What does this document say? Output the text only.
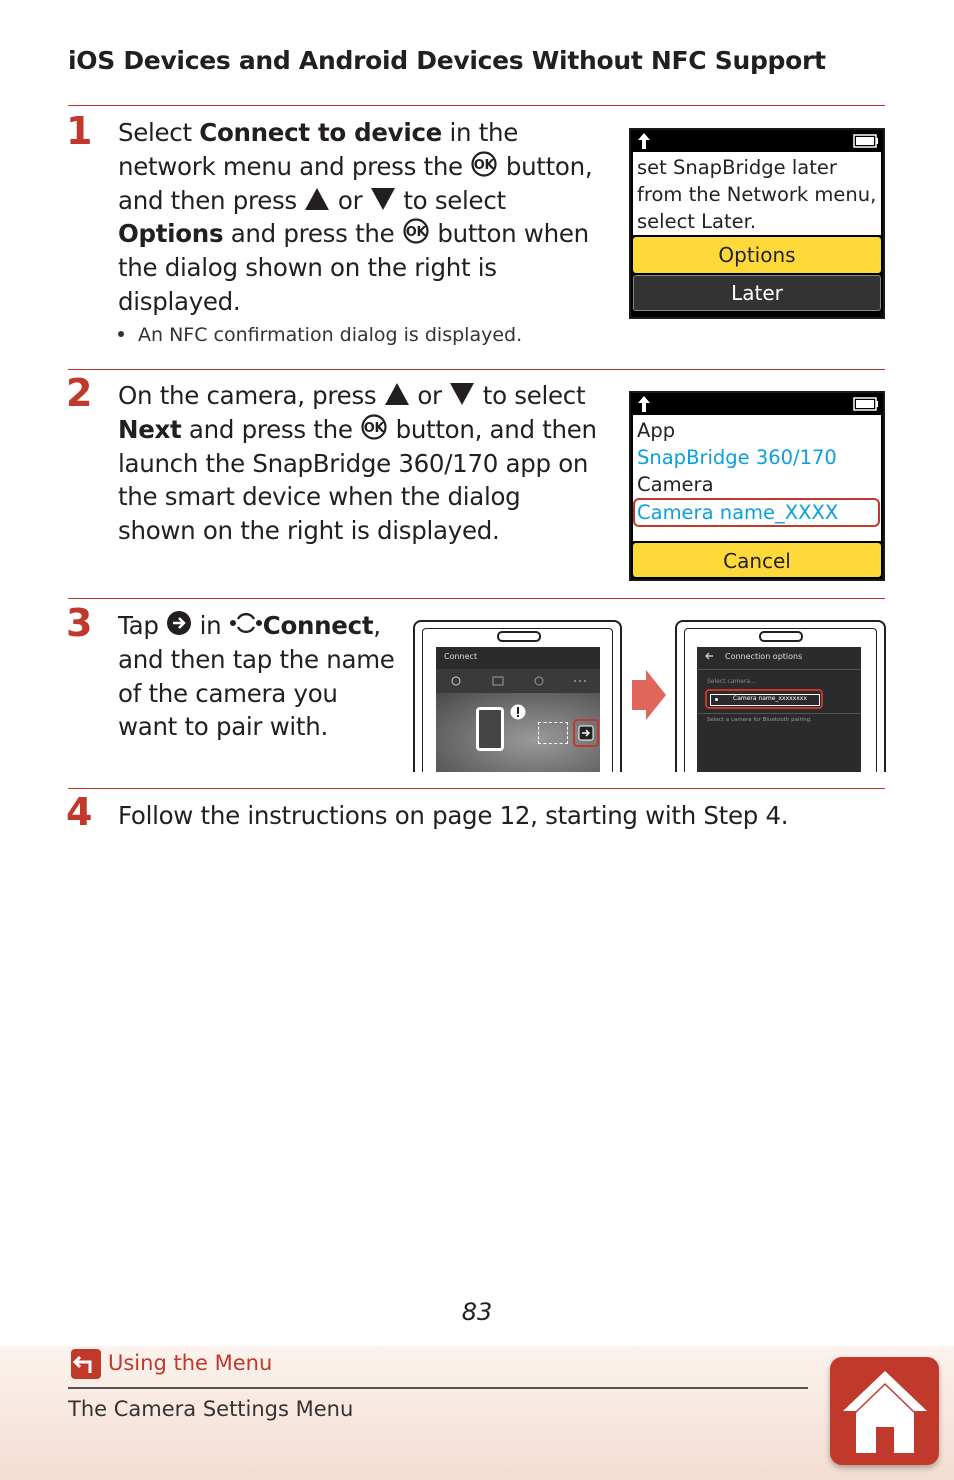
iOS Devices and Android Devices Without NFC Support
1 Select Connect to device in the
network menu and press the OK button,
and then press  or  to select
Options and press the OK button when
the dialog shown on the right is
displayed.
An NFC confirmation dialog is displayed.
set SnapBridge later
from the Network menu,
select Later.
Options
Later
2 On the camera, press  or  to select
Next and press the OK button, and then
launch the SnapBridge 360/170 app on
the smart device when the dialog
shown on the right is displayed.
App
SnapBridge 360/170
Camera
Camera name_XXXX
Cancel
3 Tap  in Connect,
and then tap the name
of the camera you
want to pair with.
Connect	Connection options
Select camera...
Camera name_xxxxxxxx
Select a camera for Bluetooth pairing.
4 Follow the instructions on page 12, starting with Step 4.
83
Using the Menu
The Camera Settings Menu
